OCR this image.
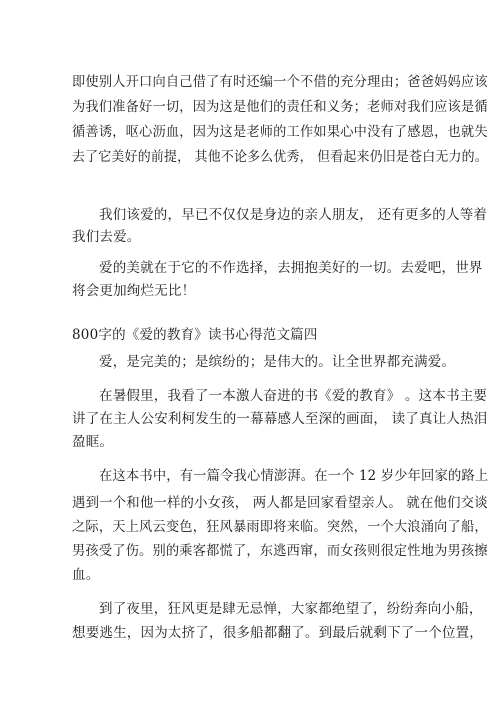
即使别人开口向自己借了有时还编一个不借的充分理由；爸爸妈妈应该
为我们准备好一切，因为这是他们的责任和义务；老师对我们应该是循
循善诱，呕心沥血，因为这是老师的工作如果心中没有了感恩，也就失
去了它美好的前提， 其他不论多么优秀， 但看起来仍旧是苍白无力的。
我们该爱的，早已不仅仅是身边的亲人朋友， 还有更多的人等着
我们去爱。
爱的美就在于它的不作选择，去拥抱美好的一切。去爱吧，世界
将会更加绚烂无比！
800字的《爱的教育》读书心得范文篇四
爱，是完美的；是缤纷的；是伟大的。让全世界都充满爱。
在暑假里，我看了一本激人奋进的书《爱的教育》 。这本书主要
讲了在主人公安利柯发生的一幕幕感人至深的画面， 读了真让人热泪
盈眶。
在这本书中，有一篇令我心情澎湃。在一个 12 岁少年回家的路上
遇到一个和他一样的小女孩， 两人都是回家看望亲人。 就在他们交谈
之际，天上风云变色，狂风暴雨即将来临。突然，一个大浪涌向了船，
男孩受了伤。别的乘客都慌了，东逃西窜，而女孩则很定性地为男孩擦
血。
到了夜里，狂风更是肆无忌惮，大家都绝望了，纷纷奔向小船，
想要逃生，因为太挤了，很多船都翻了。到最后就剩下了一个位置，
